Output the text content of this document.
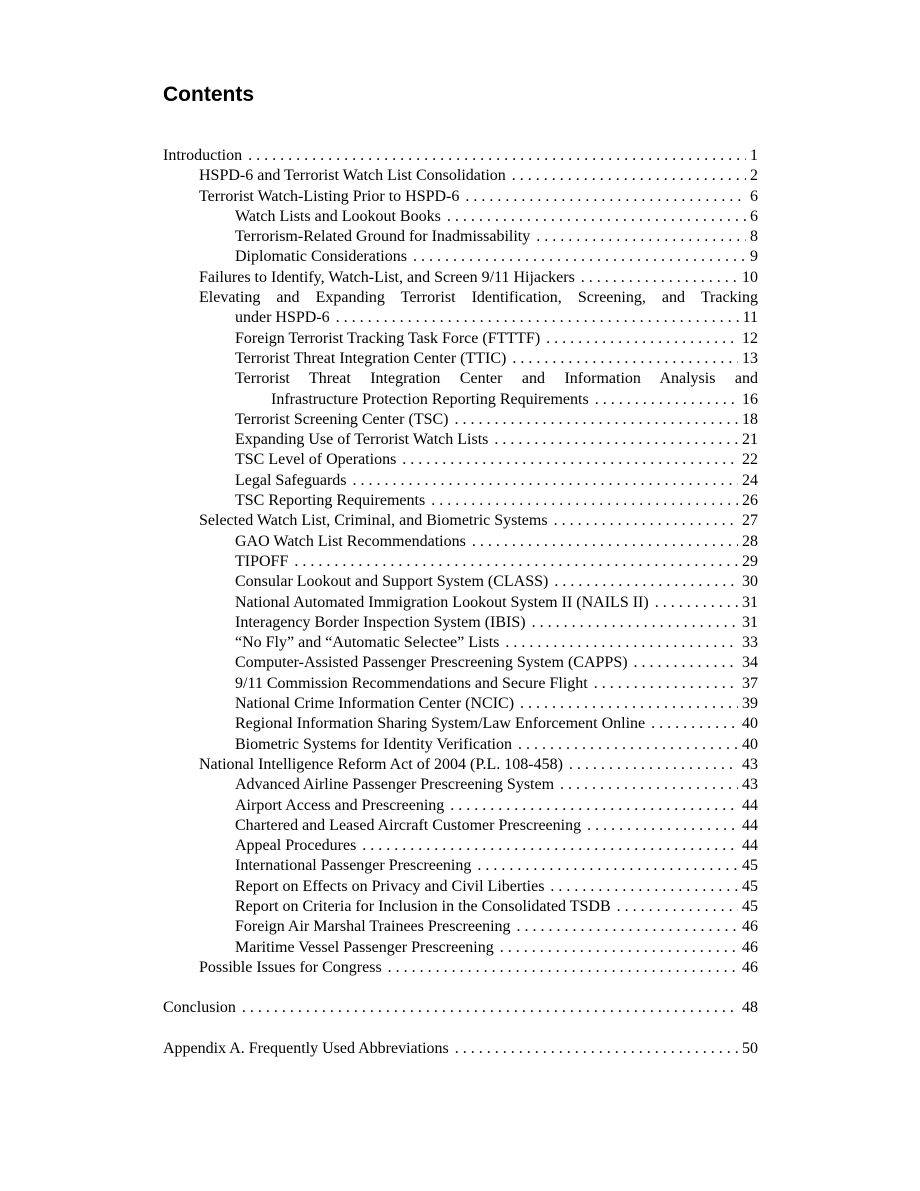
Contents
Introduction . . .	1
HSPD-6 and Terrorist Watch List Consolidation . . .	2
Terrorist Watch-Listing Prior to HSPD-6 . . .	6
Watch Lists and Lookout Books . . .	6
Terrorism-Related Ground for Inadmissability . . .	8
Diplomatic Considerations . . .	9
Failures to Identify, Watch-List, and Screen 9/11 Hijackers . . .	10
Elevating and Expanding Terrorist Identification, Screening, and Tracking
under HSPD-6 . . .	11
Foreign Terrorist Tracking Task Force (FTTTF) . . .	12
Terrorist Threat Integration Center (TTIC) . . .	13
Terrorist Threat Integration Center and Information Analysis and
Infrastructure Protection Reporting Requirements . . .	16
Terrorist Screening Center (TSC) . . .	18
Expanding Use of Terrorist Watch Lists . . .	21
TSC Level of Operations . . .	22
Legal Safeguards . . .	24
TSC Reporting Requirements . . .	26
Selected Watch List, Criminal, and Biometric Systems . . .	27
GAO Watch List Recommendations . . .	28
TIPOFF . . .	29
Consular Lookout and Support System (CLASS) . . .	30
National Automated Immigration Lookout System II (NAILS II) . . .	31
Interagency Border Inspection System (IBIS) . . .	31
“No Fly” and “Automatic Selectee” Lists . . .	33
Computer-Assisted Passenger Prescreening System (CAPPS) . . .	34
9/11 Commission Recommendations and Secure Flight . . .	37
National Crime Information Center (NCIC) . . .	39
Regional Information Sharing System/Law Enforcement Online . . .	40
Biometric Systems for Identity Verification . . .	40
National Intelligence Reform Act of 2004 (P.L. 108-458) . . .	43
Advanced Airline Passenger Prescreening System . . .	43
Airport Access and Prescreening . . .	44
Chartered and Leased Aircraft Customer Prescreening . . .	44
Appeal Procedures . . .	44
International Passenger Prescreening . . .	45
Report on Effects on Privacy and Civil Liberties . . .	45
Report on Criteria for Inclusion in the Consolidated TSDB . . .	45
Foreign Air Marshal Trainees Prescreening . . .	46
Maritime Vessel Passenger Prescreening . . .	46
Possible Issues for Congress . . .	46
Conclusion . . .	48
Appendix A. Frequently Used Abbreviations . . .	50
